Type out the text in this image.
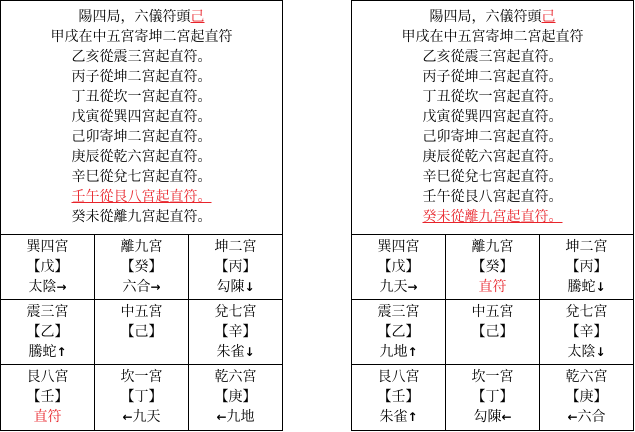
陽四局，六儀符頭己
甲戌在中五宮寄坤二宮起直符
乙亥從震三宮起直符。
丙子從坤二宮起直符。
丁丑從坎一宮起直符。
戊寅從巽四宮起直符。
己卯寄坤二宮起直符。
庚辰從乾六宮起直符。
辛巳從兌七宮起直符。
壬午從艮八宮起直符。
癸未從離九宮起直符。
巽四宮
【戊】
太陰→
離九宮
【癸】
六合→
坤二宮
【丙】
勾陳↓
震三宮
【乙】
騰蛇↑
中五宮
【己】
兌七宮
【辛】
朱雀↓
艮八宮
【壬】
直符
坎一宮
【丁】
←九天
乾六宮
【庚】
←九地
陽四局，六儀符頭己
甲戌在中五宮寄坤二宮起直符
乙亥從震三宮起直符。
丙子從坤二宮起直符。
丁丑從坎一宮起直符。
戊寅從巽四宮起直符。
己卯寄坤二宮起直符。
庚辰從乾六宮起直符。
辛巳從兌七宮起直符。
壬午從艮八宮起直符。
癸未從離九宮起直符。
巽四宮
【戊】
九天→
離九宮
【癸】
直符
坤二宮
【丙】
騰蛇↓
震三宮
【乙】
九地↑
中五宮
【己】
兌七宮
【辛】
太陰↓
艮八宮
【壬】
朱雀↑
坎一宮
【丁】
勾陳←
乾六宮
【庚】
←六合
